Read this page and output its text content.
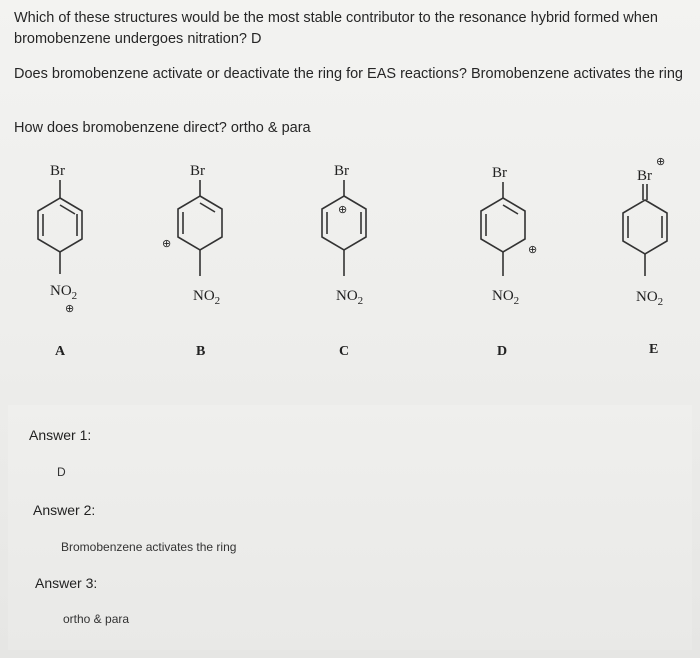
Which of these structures would be the most stable contributor to the resonance hybrid formed when bromobenzene undergoes nitration? D
Does bromobenzene activate or deactivate the ring for EAS reactions? Bromobenzene activates the ring
How does bromobenzene direct? ortho & para
Br
$NO_2$
⊕
A
Br
⊕
$NO_2$
B
Br
⊕
$NO_2$
C
Br
⊕
$NO_2$
D
⊕
Br
$NO_2$
E
Answer 1:
D
Answer 2:
Bromobenzene activates the ring
Answer 3:
ortho & para
